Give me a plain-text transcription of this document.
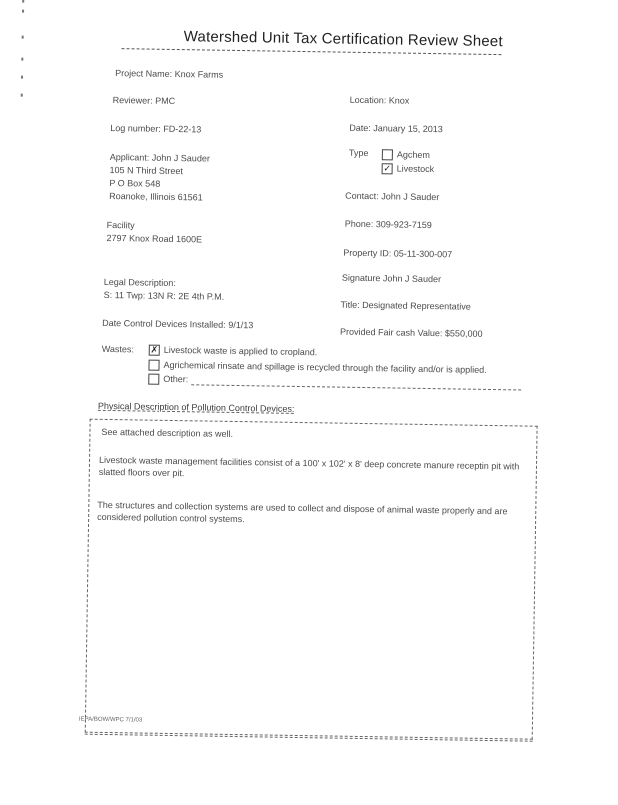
Watershed Unit Tax Certification Review Sheet
Project Name: Knox Farms
Reviewer: PMC
Log number: FD-22-13
Applicant: John J Sauder
105 N Third Street
P O Box 548
Roanoke, Illinois 61561
Facility
2797 Knox Road 1600E
Legal Description:
S: 11 Twp: 13N R: 2E 4th P.M.
Date Control Devices Installed: 9/1/13
Location: Knox
Date: January 15, 2013
Type	Agchem
✓ Livestock
Contact: John J Sauder
Phone: 309-923-7159
Property ID: 05-11-300-007
Signature John J Sauder
Title: Designated Representative
Provided Fair cash Value: $550,000
Wastes: ✗ Livestock waste is applied to cropland.
Agrichemical rinsate and spillage is recycled through the facility and/or is applied.
Other:
Physical Description of Pollution Control Devices:
See attached description as well.
Livestock waste management facilities consist of a 100' x 102' x 8' deep concrete manure receptin pit with slatted floors over pit.
The structures and collection systems are used to collect and dispose of animal waste properly and are considered pollution control systems.
IEPA/BOW/WPC 7/1/03
